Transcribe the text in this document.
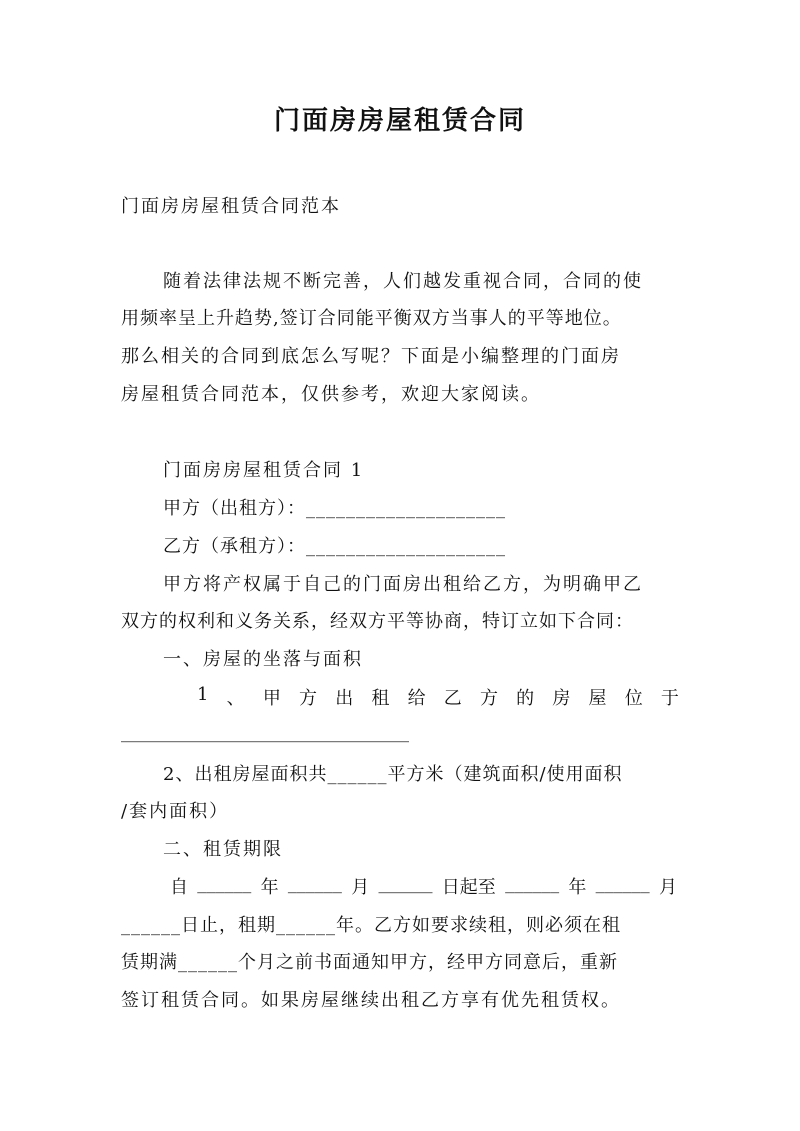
门面房房屋租赁合同
门面房房屋租赁合同范本
随着法律法规不断完善，人们越发重视合同，合同的使
用频率呈上升趋势,签订合同能平衡双方当事人的平等地位。
那么相关的合同到底怎么写呢？下面是小编整理的门面房
房屋租赁合同范本，仅供参考，欢迎大家阅读。
门面房房屋租赁合同 1
甲方（出租方）：____________________
乙方（承租方）：____________________
甲方将产权属于自己的门面房出租给乙方，为明确甲乙
双方的权利和义务关系，经双方平等协商，特订立如下合同：
一、房屋的坐落与面积
1 、 甲 方 出 租 给 乙 方 的 房 屋 位 于
________________________________
2、出租房屋面积共______平方米（建筑面积/使用面积
/套内面积）
二、租赁期限
自 ______ 年 ______ 月 ______ 日起至 ______ 年 ______ 月
______日止，租期______年。乙方如要求续租，则必须在租
赁期满______个月之前书面通知甲方，经甲方同意后，重新
签订租赁合同。如果房屋继续出租乙方享有优先租赁权。
